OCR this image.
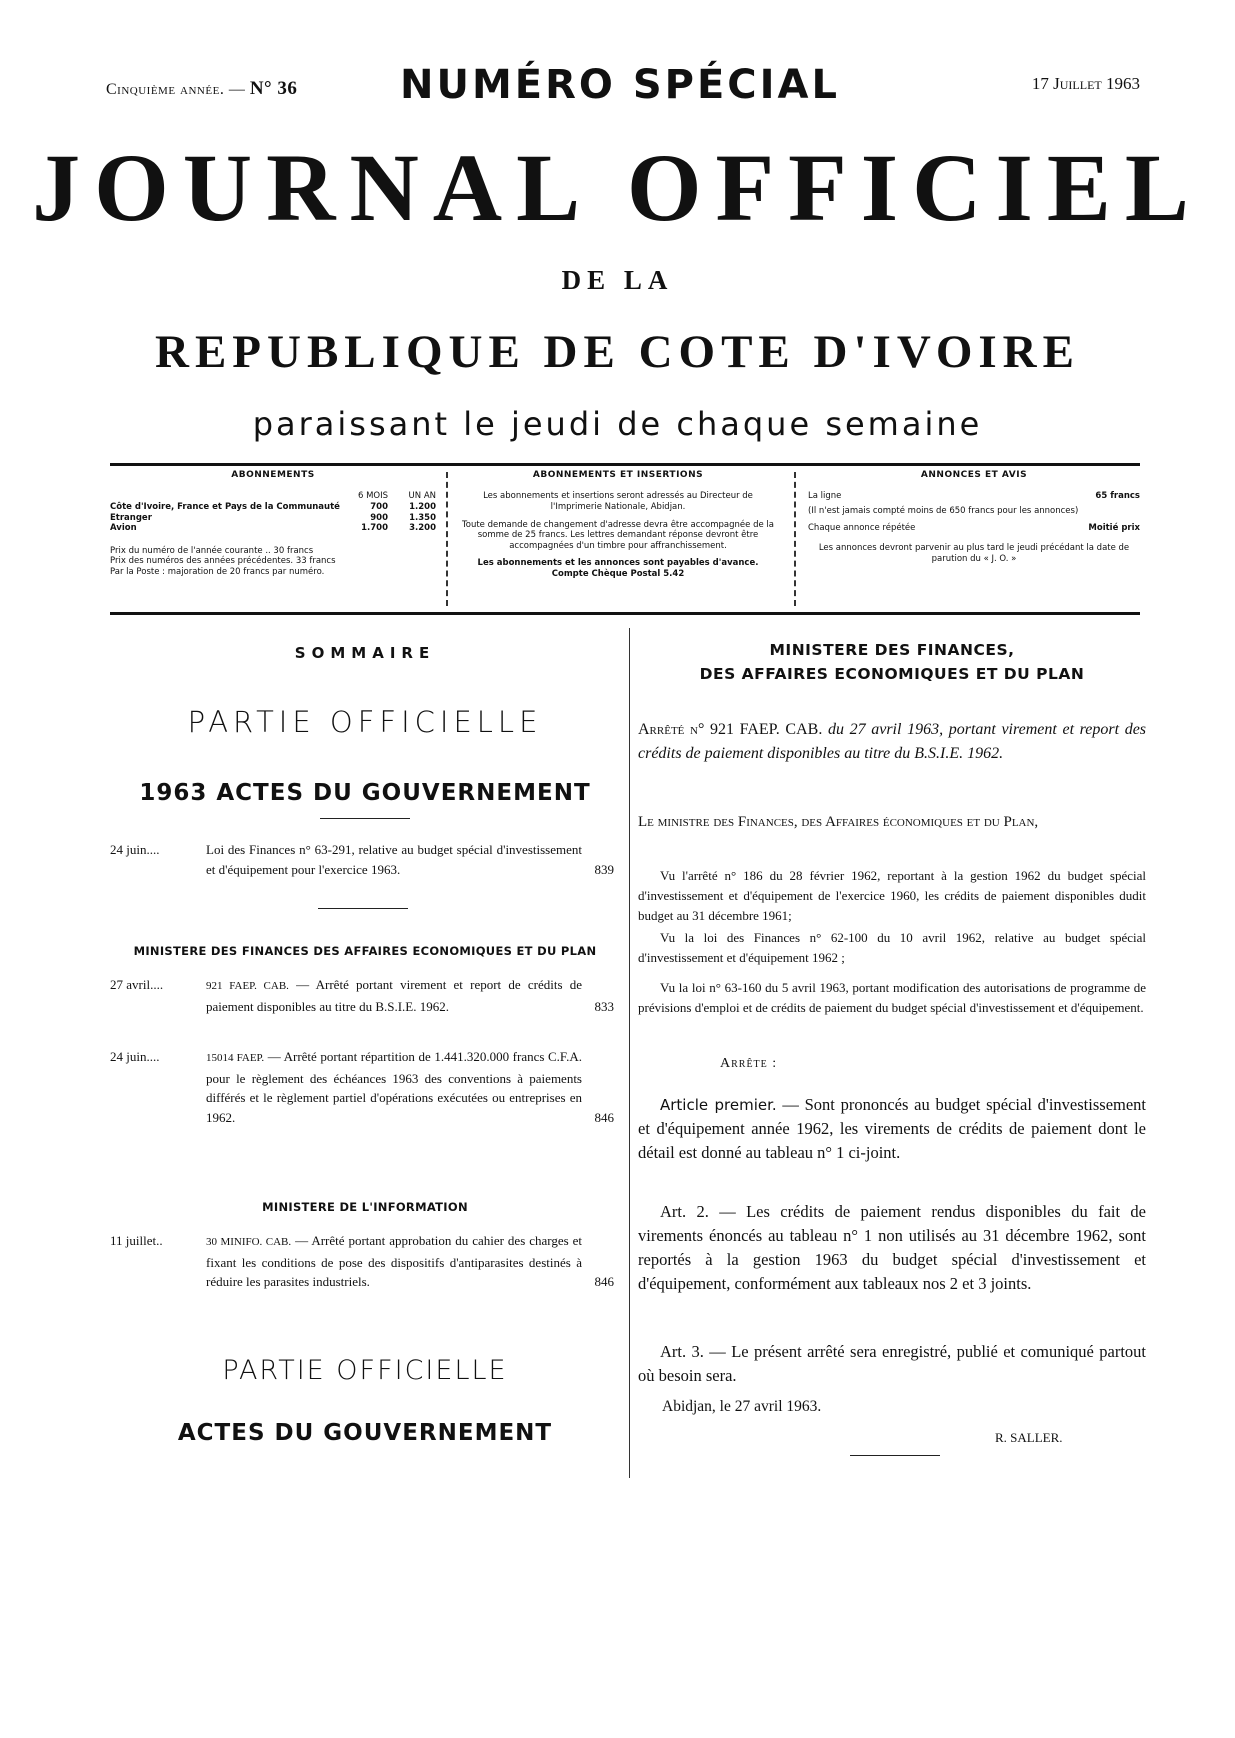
Cinquième année. — N° 36	NUMÉRO SPÉCIAL	17 Juillet 1963
JOURNAL OFFICIEL
DE LA
REPUBLIQUE DE COTE D'IVOIRE
paraissant le jeudi de chaque semaine
ABONNEMENTS
6 MOIS	UN AN
Côte d'Ivoire, France et Pays de la Communauté	700	1.200
Etranger	900	1.350
Avion	1.700	3.200
Prix du numéro de l'année courante .. 30 francs
Prix des numéros des années précédentes. 33 francs
Par la Poste : majoration de 20 francs par numéro.
ABONNEMENTS ET INSERTIONS
Les abonnements et insertions seront adressés au Directeur de l'Imprimerie Nationale, Abidjan.
Toute demande de changement d'adresse devra être accompagnée de la somme de 25 francs. Les lettres demandant réponse devront être accompagnées d'un timbre pour affranchissement.
Les abonnements et les annonces sont payables d'avance. Compte Chèque Postal 5.42
ANNONCES ET AVIS
La ligne	65 francs
(Il n'est jamais compté moins de 650 francs pour les annonces)
Chaque annonce répétée	Moitié prix
Les annonces devront parvenir au plus tard le jeudi précédant la date de parution du « J. O. »
SOMMAIRE
PARTIE OFFICIELLE
1963 ACTES DU GOUVERNEMENT
24 juin....	Loi des Finances n° 63-291, relative au budget spécial d'investissement et d'équipement pour l'exercice 1963.	839
MINISTERE DES FINANCES DES AFFAIRES ECONOMIQUES ET DU PLAN
27 avril....	921 FAEP. CAB. — Arrêté portant virement et report de crédits de paiement disponibles au titre du B.S.I.E. 1962.	833
24 juin....	15014 FAEP. — Arrêté portant répartition de 1.441.320.000 francs C.F.A. pour le règlement des échéances 1963 des conventions à paiements différés et le règlement partiel d'opérations exécutées ou entreprises en 1962.	846
MINISTERE DE L'INFORMATION
11 juillet..	30 MINIFO. CAB. — Arrêté portant approbation du cahier des charges et fixant les conditions de pose des dispositifs d'antiparasites destinés à réduire les parasites industriels.	846
PARTIE OFFICIELLE
ACTES DU GOUVERNEMENT
MINISTERE DES FINANCES,
DES AFFAIRES ECONOMIQUES ET DU PLAN
Arrêté n° 921 FAEP. CAB. du 27 avril 1963, portant virement et report des crédits de paiement disponibles au titre du B.S.I.E. 1962.
Le ministre des Finances, des Affaires économiques et du Plan,
Vu l'arrêté n° 186 du 28 février 1962, reportant à la gestion 1962 du budget spécial d'investissement et d'équipement de l'exercice 1960, les crédits de paiement disponibles dudit budget au 31 décembre 1961;
Vu la loi des Finances n° 62-100 du 10 avril 1962, relative au budget spécial d'investissement et d'équipement 1962 ;
Vu la loi n° 63-160 du 5 avril 1963, portant modification des autorisations de programme de prévisions d'emploi et de crédits de paiement du budget spécial d'investissement et d'équipement.
Arrête :
Article premier. — Sont prononcés au budget spécial d'investissement et d'équipement année 1962, les virements de crédits de paiement dont le détail est donné au tableau n° 1 ci-joint.
Art. 2. — Les crédits de paiement rendus disponibles du fait de virements énoncés au tableau n° 1 non utilisés au 31 décembre 1962, sont reportés à la gestion 1963 du budget spécial d'investissement et d'équipement, conformément aux tableaux nos 2 et 3 joints.
Art. 3. — Le présent arrêté sera enregistré, publié et comuniqué partout où besoin sera.
Abidjan, le 27 avril 1963.
R. SALLER.
